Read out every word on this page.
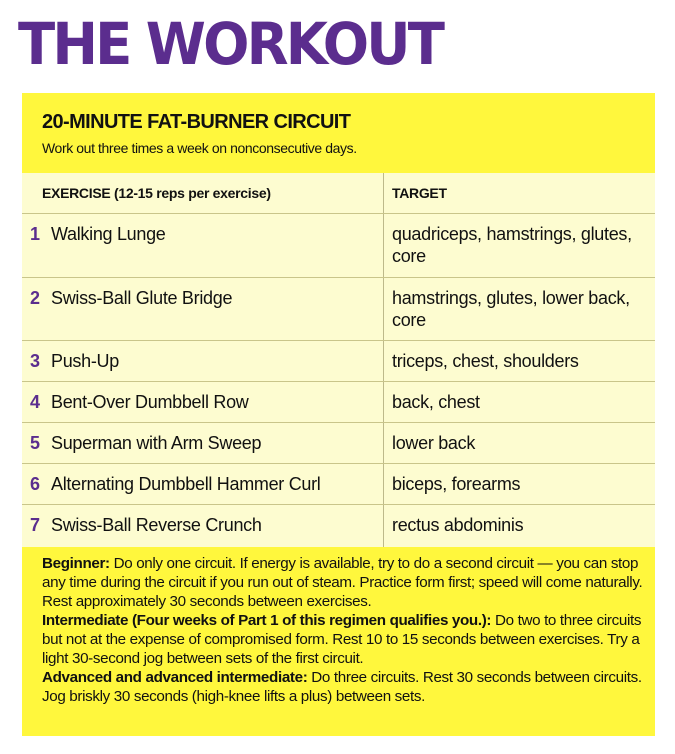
THE WORKOUT
20-MINUTE FAT-BURNER CIRCUIT
Work out three times a week on nonconsecutive days.
EXERCISE (12-15 reps per exercise)	TARGET
1 Walking Lunge	quadriceps, hamstrings, glutes, core
2 Swiss-Ball Glute Bridge	hamstrings, glutes, lower back, core
3 Push-Up	triceps, chest, shoulders
4 Bent-Over Dumbbell Row	back, chest
5 Superman with Arm Sweep	lower back
6 Alternating Dumbbell Hammer Curl	biceps, forearms
7 Swiss-Ball Reverse Crunch	rectus abdominis

Beginner: Do only one circuit. If energy is available, try to do a second circuit — you can stop any time during the circuit if you run out of steam. Practice form first; speed will come naturally. Rest approximately 30 seconds between exercises.

Intermediate (Four weeks of Part 1 of this regimen qualifies you.): Do two to three circuits but not at the expense of compromised form. Rest 10 to 15 seconds between exercises. Try a light 30-second jog between sets of the first circuit.

Advanced and advanced intermediate: Do three circuits. Rest 30 seconds between circuits. Jog briskly 30 seconds (high-knee lifts a plus) between sets.
